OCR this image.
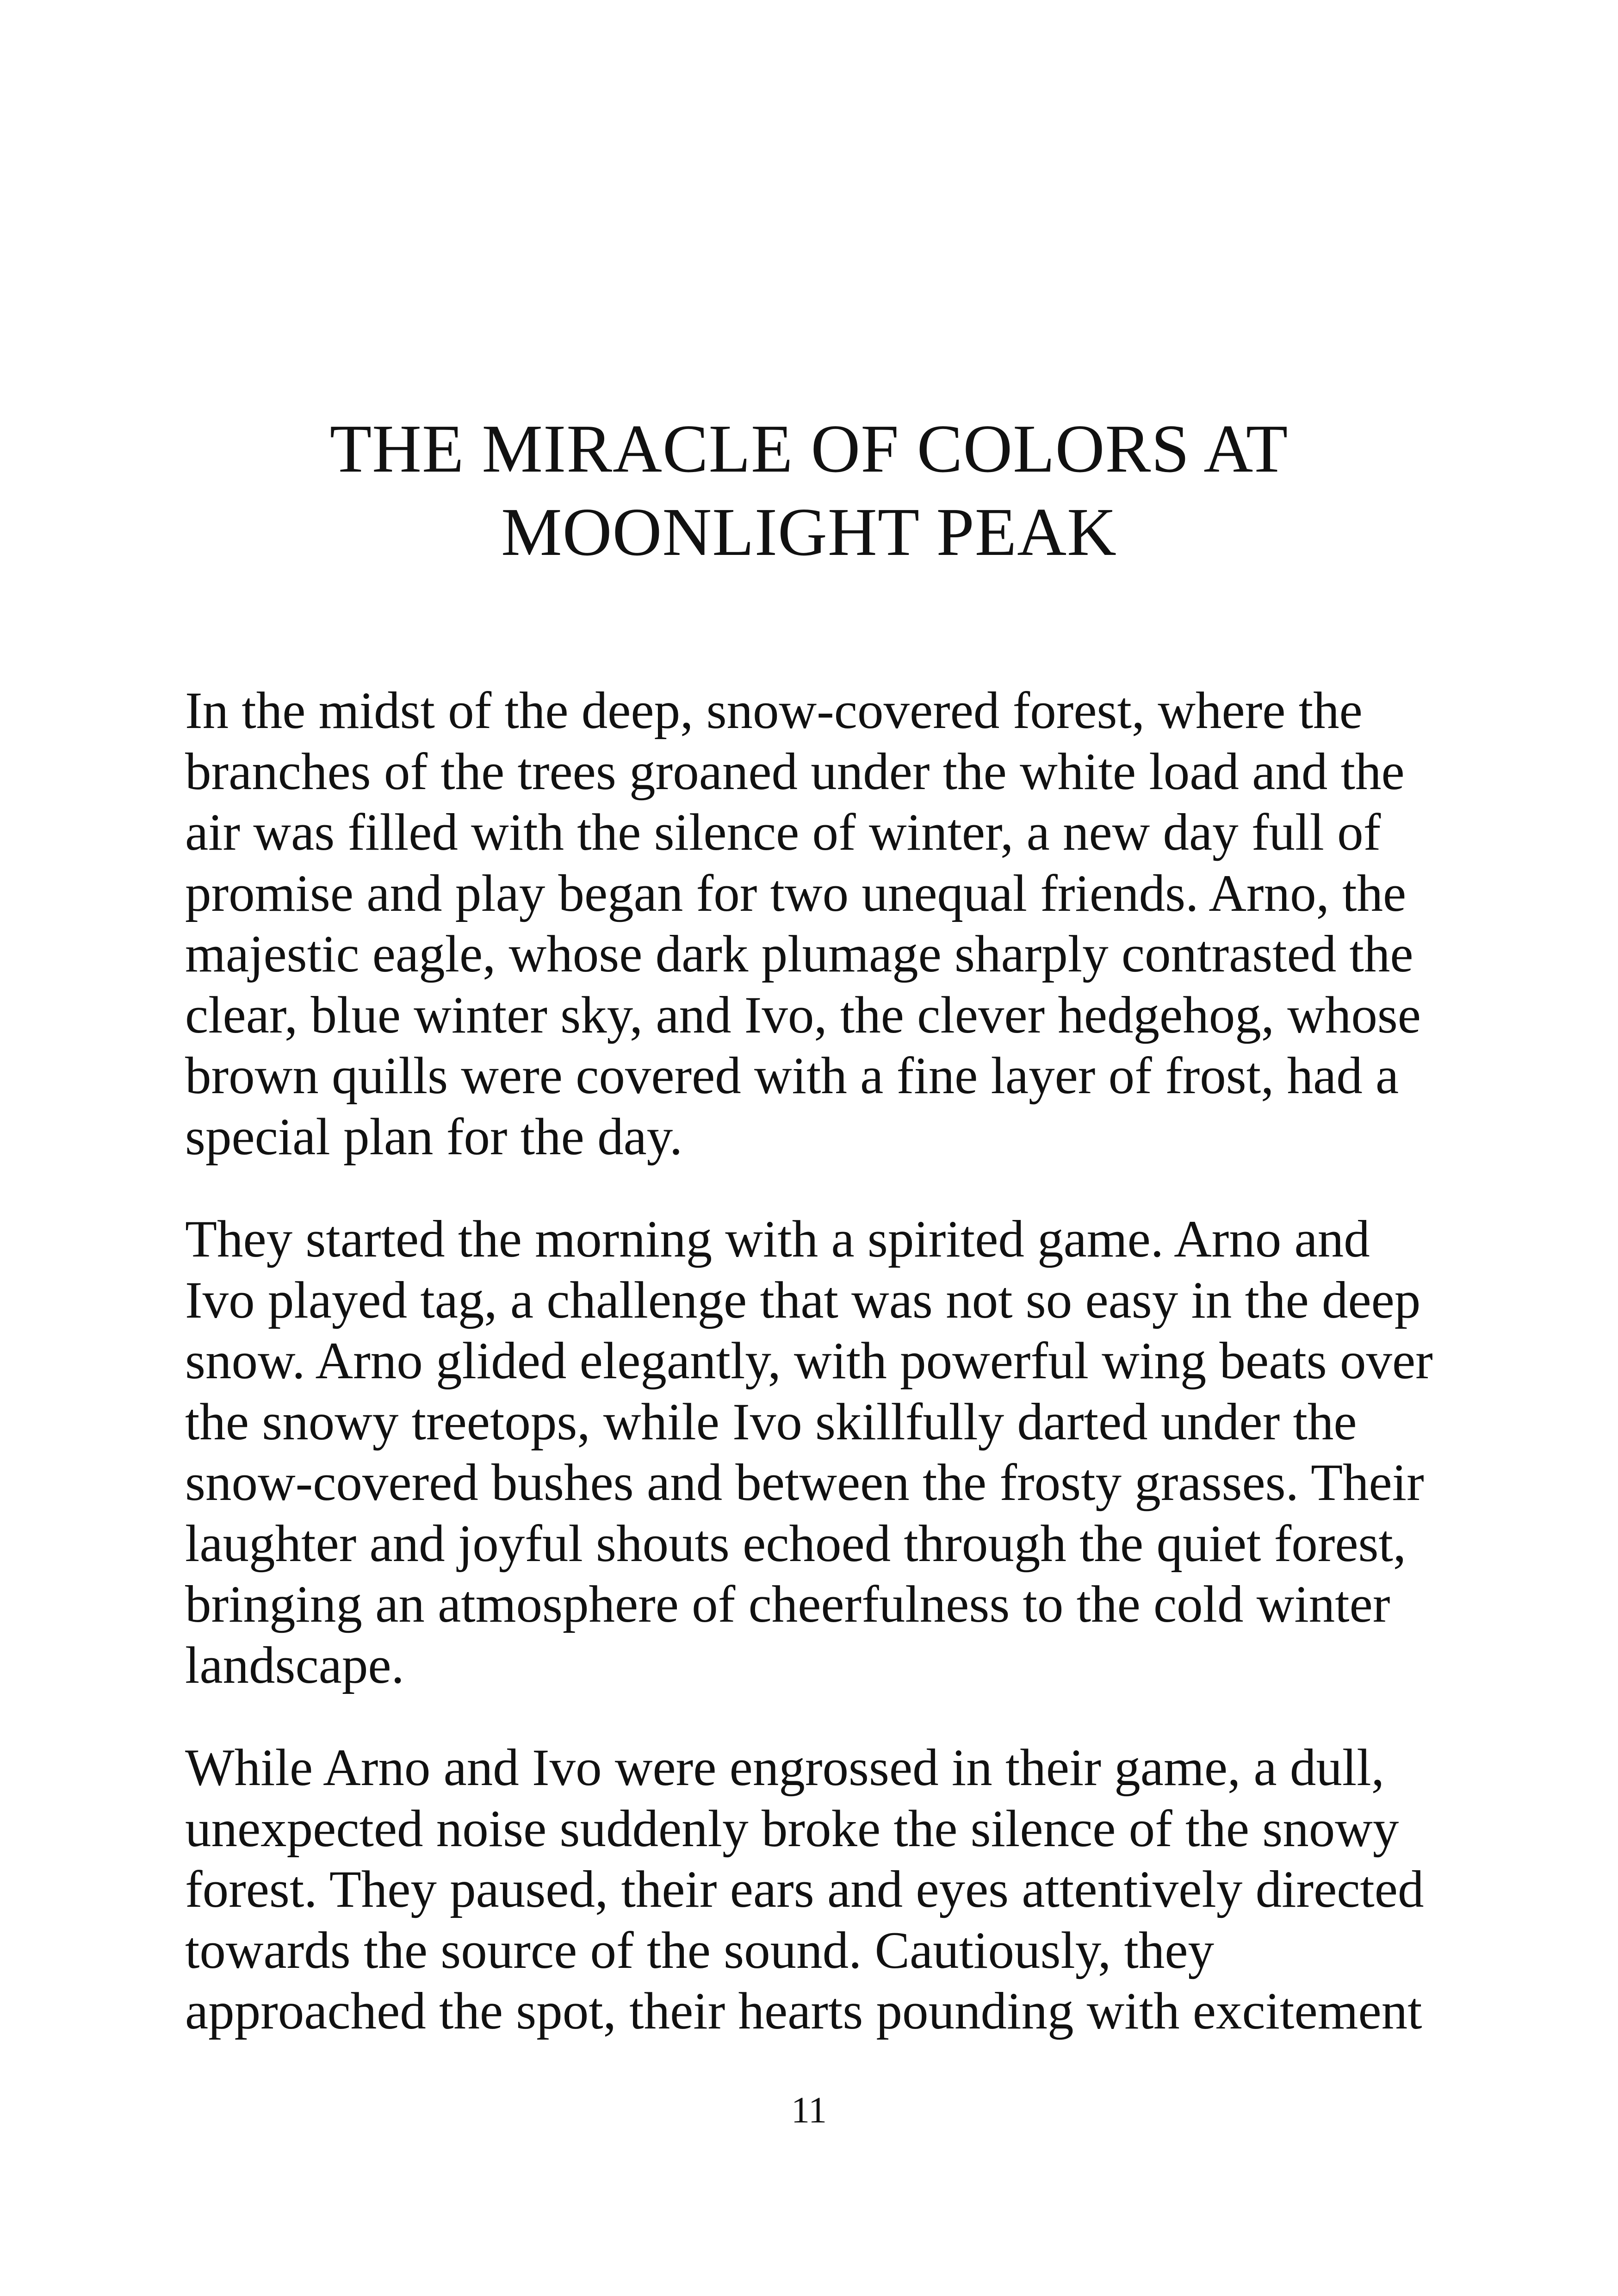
THE MIRACLE OF COLORS AT
MOONLIGHT PEAK

In the midst of the deep, snow-covered forest, where the
branches of the trees groaned under the white load and the
air was filled with the silence of winter, a new day full of
promise and play began for two unequal friends. Arno, the
majestic eagle, whose dark plumage sharply contrasted the
clear, blue winter sky, and Ivo, the clever hedgehog, whose
brown quills were covered with a fine layer of frost, had a
special plan for the day.

They started the morning with a spirited game. Arno and
Ivo played tag, a challenge that was not so easy in the deep
snow. Arno glided elegantly, with powerful wing beats over
the snowy treetops, while Ivo skillfully darted under the
snow-covered bushes and between the frosty grasses. Their
laughter and joyful shouts echoed through the quiet forest,
bringing an atmosphere of cheerfulness to the cold winter
landscape.

While Arno and Ivo were engrossed in their game, a dull,
unexpected noise suddenly broke the silence of the snowy
forest. They paused, their ears and eyes attentively directed
towards the source of the sound. Cautiously, they
approached the spot, their hearts pounding with excitement

11
